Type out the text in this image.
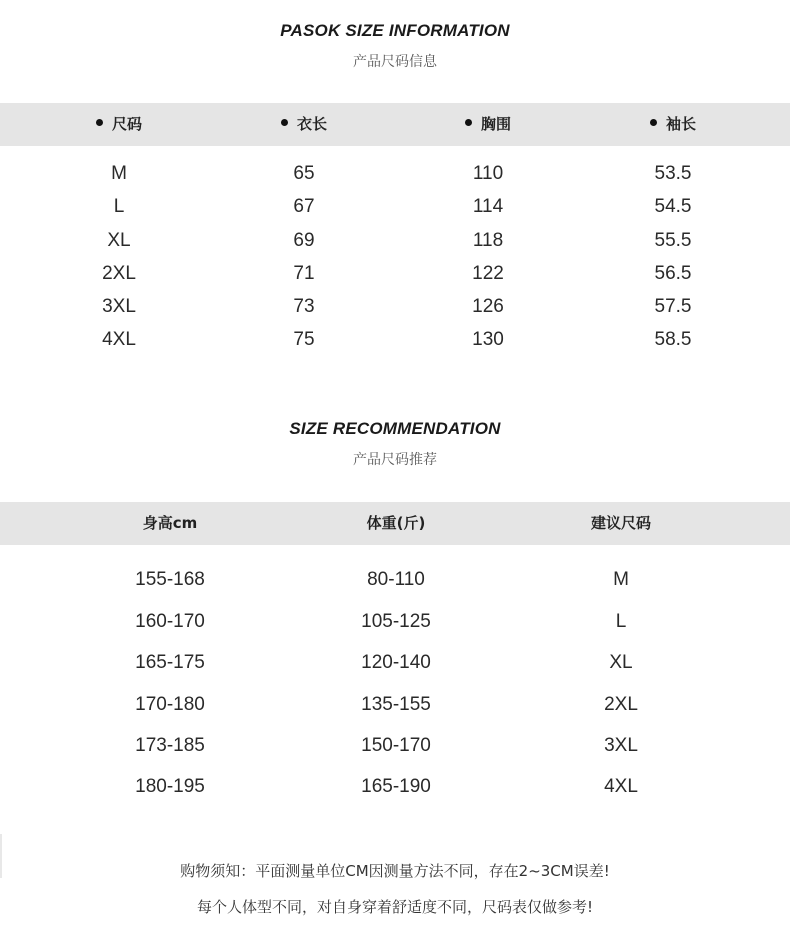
PASOK SIZE INFORMATION
产品尺码信息
尺码	衣长	胸围	袖长
M	65	110	53.5
L	67	114	54.5
XL	69	118	55.5
2XL	71	122	56.5
3XL	73	126	57.5
4XL	75	130	58.5
SIZE RECOMMENDATION
产品尺码推荐
身高cm	体重(斤)	建议尺码
155-168	80-110	M
160-170	105-125	L
165-175	120-140	XL
170-180	135-155	2XL
173-185	150-170	3XL
180-195	165-190	4XL
购物须知：平面测量单位CM因测量方法不同，存在2~3CM误差!
每个人体型不同，对自身穿着舒适度不同，尺码表仅做参考!
